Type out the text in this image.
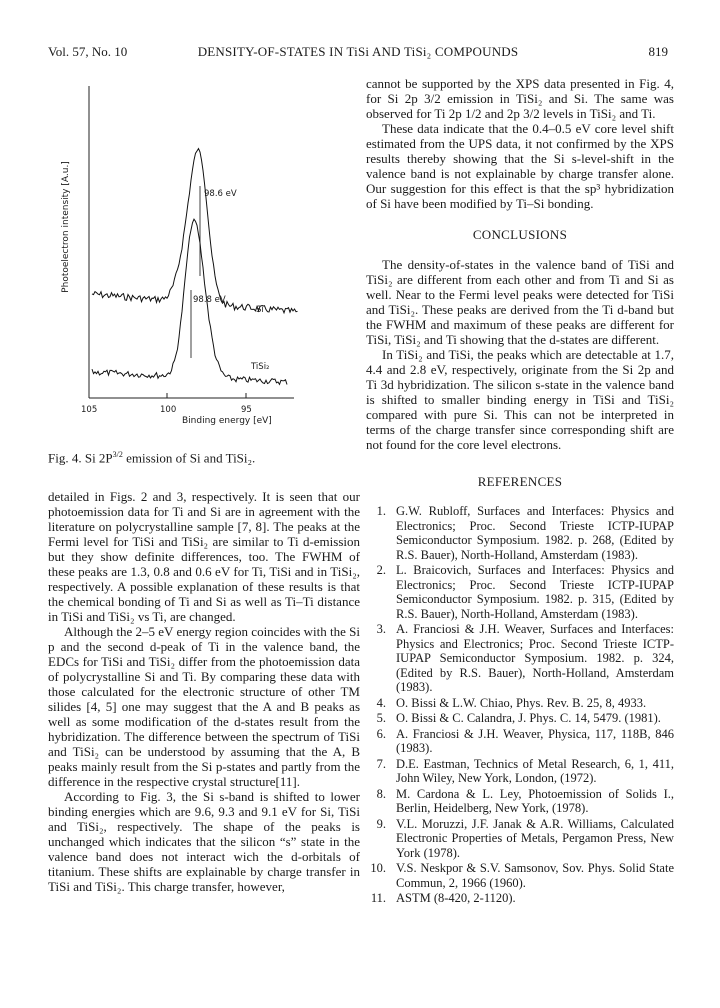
Vol. 57, No. 10	DENSITY-OF-STATES IN TiSi AND TiSi₂ COMPOUNDS	819
Photoelectron intensity [A.u.]
105	100	95
Binding energy [eV]
98.6 eV
98.8 eV
Si
TiSi₂
Fig. 4. Si $2P^{3/2}$ emission of Si and TiSi₂.

detailed in Figs. 2 and 3, respectively. It is seen that our photoemission data for Ti and Si are in agreement with the literature on polycrystalline sample [7, 8]. The peaks at the Fermi level for TiSi and TiSi₂ are similar to Ti d-emission but they show definite differences, too. The FWHM of these peaks are 1.3, 0.8 and 0.6 eV for Ti, TiSi and in TiSi₂, respectively. A possible explanation of these results is that the chemical bonding of Ti and Si as well as Ti–Ti distance in TiSi and TiSi₂ vs Ti, are changed.

Although the 2–5 eV energy region coincides with the Si p and the second d-peak of Ti in the valence band, the EDCs for TiSi and TiSi₂ differ from the photoemission data of polycrystalline Si and Ti. By comparing these data with those calculated for the electronic structure of other TM silides [4, 5] one may suggest that the A and B peaks as well as some modification of the d-states result from the hybridization. The difference between the spectrum of TiSi and TiSi₂ can be understood by assuming that the A, B peaks mainly result from the Si p-states and partly from the difference in the respective crystal structure[11].

According to Fig. 3, the Si s-band is shifted to lower binding energies which are 9.6, 9.3 and 9.1 eV for Si, TiSi and TiSi₂, respectively. The shape of the peaks is unchanged which indicates that the silicon “s” state in the valence band does not interact wich the d-orbitals of titanium. These shifts are explainable by charge transfer in TiSi and TiSi₂. This charge transfer, however,

cannot be supported by the XPS data presented in Fig. 4, for Si 2p 3/2 emission in TiSi₂ and Si. The same was observed for Ti 2p 1/2 and 2p 3/2 levels in TiSi₂ and Ti.

These data indicate that the 0.4–0.5 eV core level shift estimated from the UPS data, it not confirmed by the XPS results thereby showing that the Si s-level-shift in the valence band is not explainable by charge transfer alone. Our suggestion for this effect is that the sp³ hybridization of Si have been modified by Ti–Si bonding.

CONCLUSIONS

The density-of-states in the valence band of TiSi and TiSi₂ are different from each other and from Ti and Si as well. Near to the Fermi level peaks were detected for TiSi and TiSi₂. These peaks are derived from the Ti d-band but the FWHM and maximum of these peaks are different for TiSi, TiSi₂ and Ti showing that the d-states are different.

In TiSi₂ and TiSi, the peaks which are detectable at 1.7, 4.4 and 2.8 eV, respectively, originate from the Si 2p and Ti 3d hybridization. The silicon s-state in the valence band is shifted to smaller binding energy in TiSi and TiSi₂ compared with pure Si. This can not be interpreted in terms of the charge transfer since corresponding shift are not found for the core level electrons.

REFERENCES
1. G.W. Rubloff, Surfaces and Interfaces: Physics and Electronics; Proc. Second Trieste ICTP-IUPAP Semiconductor Symposium. 1982. p. 268, (Edited by R.S. Bauer), North-Holland, Amsterdam (1983).
2. L. Braicovich, Surfaces and Interfaces: Physics and Electronics; Proc. Second Trieste ICTP-IUPAP Semiconductor Symposium. 1982. p. 315, (Edited by R.S. Bauer), North-Holland, Amsterdam (1983).
3. A. Franciosi & J.H. Weaver, Surfaces and Interfaces: Physics and Electronics; Proc. Second Trieste ICTP-IUPAP Semiconductor Symposium. 1982. p. 324, (Edited by R.S. Bauer), North-Holland, Amsterdam (1983).
4. O. Bissi & L.W. Chiao, Phys. Rev. B. 25, 8, 4933.
5. O. Bissi & C. Calandra, J. Phys. C. 14, 5479. (1981).
6. A. Franciosi & J.H. Weaver, Physica, 117, 118B, 846 (1983).
7. D.E. Eastman, Technics of Metal Research, 6, 1, 411, John Wiley, New York, London, (1972).
8. M. Cardona & L. Ley, Photoemission of Solids I., Berlin, Heidelberg, New York, (1978).
9. V.L. Moruzzi, J.F. Janak & A.R. Williams, Calculated Electronic Properties of Metals, Pergamon Press, New York (1978).
10. V.S. Neskpor & S.V. Samsonov, Sov. Phys. Solid State Commun, 2, 1966 (1960).
11. ASTM (8-420, 2-1120).
